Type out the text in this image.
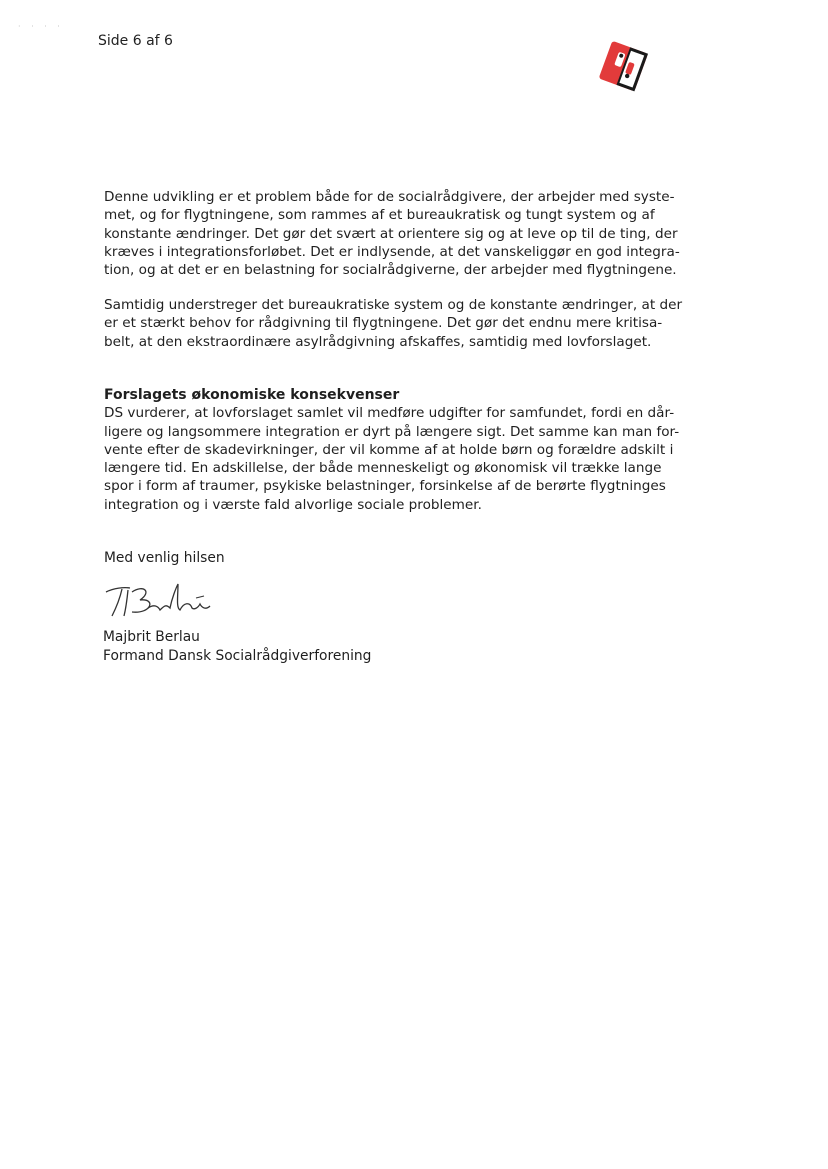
· · · ·
Side 6 af 6
Denne udvikling er et problem både for de socialrådgivere, der arbejder med syste-
met, og for flygtningene, som rammes af et bureaukratisk og tungt system og af
konstante ændringer. Det gør det svært at orientere sig og at leve op til de ting, der
kræves i integrationsforløbet. Det er indlysende, at det vanskeliggør en god integra-
tion, og at det er en belastning for socialrådgiverne, der arbejder med flygtningene.
Samtidig understreger det bureaukratiske system og de konstante ændringer, at der
er et stærkt behov for rådgivning til flygtningene. Det gør det endnu mere kritisa-
belt, at den ekstraordinære asylrådgivning afskaffes, samtidig med lovforslaget.
Forslagets økonomiske konsekvenser
DS vurderer, at lovforslaget samlet vil medføre udgifter for samfundet, fordi en dår-
ligere og langsommere integration er dyrt på længere sigt. Det samme kan man for-
vente efter de skadevirkninger, der vil komme af at holde børn og forældre adskilt i
længere tid. En adskillelse, der både menneskeligt og økonomisk vil trække lange
spor i form af traumer, psykiske belastninger, forsinkelse af de berørte flygtninges
integration og i værste fald alvorlige sociale problemer.
Med venlig hilsen
Majbrit Berlau
Formand Dansk Socialrådgiverforening
